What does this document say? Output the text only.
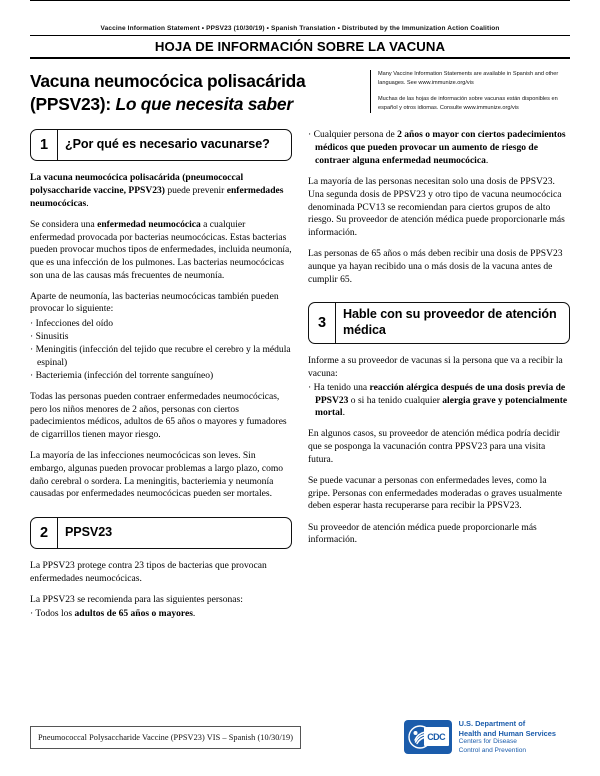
Vaccine Information Statement • PPSV23 (10/30/19) • Spanish Translation • Distributed by the Immunization Action Coalition
HOJA DE INFORMACIÓN SOBRE LA VACUNA
Vacuna neumocócica polisacárida
(PPSV23): Lo que necesita saber

Many Vaccine Information Statements are available in Spanish and other languages. See www.immunize.org/vis

Muchas de las hojas de información sobre vacunas están disponibles en español y otros idiomas. Consulte www.immunize.org/vis

1	¿Por qué es necesario vacunarse?

La vacuna neumocócica polisacárida (pneumococcal polysaccharide vaccine, PPSV23) puede prevenir enfermedades neumocócicas.

Se considera una enfermedad neumocócica a cualquier enfermedad provocada por bacterias neumocócicas. Estas bacterias pueden provocar muchos tipos de enfermedades, incluida neumonía, que es una infección de los pulmones. Las bacterias neumocócicas son una de las causas más frecuentes de neumonía.

Aparte de neumonía, las bacterias neumocócicas también pueden provocar lo siguiente:

· Infecciones del oído
· Sinusitis
· Meningitis (infección del tejido que recubre el cerebro y la médula espinal)
· Bacteriemia (infección del torrente sanguíneo)

Todas las personas pueden contraer enfermedades neumocócicas, pero los niños menores de 2 años, personas con ciertos padecimientos médicos, adultos de 65 años o mayores y fumadores de cigarrillos tienen mayor riesgo.

La mayoría de las infecciones neumocócicas son leves. Sin embargo, algunas pueden provocar problemas a largo plazo, como daño cerebral o sordera. La meningitis, bacteriemia y neumonía causadas por enfermedades neumocócicas pueden ser mortales.

2	PPSV23

La PPSV23 protege contra 23 tipos de bacterias que provocan enfermedades neumocócicas.

La PPSV23 se recomienda para las siguientes personas:

· Todos los adultos de 65 años o mayores.
· Cualquier persona de 2 años o mayor con ciertos padecimientos médicos que pueden provocar un aumento de riesgo de contraer alguna enfermedad neumocócica.

La mayoría de las personas necesitan solo una dosis de PPSV23. Una segunda dosis de PPSV23 y otro tipo de vacuna neumocócica denominada PCV13 se recomiendan para ciertos grupos de alto riesgo. Su proveedor de atención médica puede proporcionarle más información.

Las personas de 65 años o más deben recibir una dosis de PPSV23 aunque ya hayan recibido una o más dosis de la vacuna antes de cumplir 65.

3
Hable con su proveedor de atención médica

Informe a su proveedor de vacunas si la persona que va a recibir la vacuna:

· Ha tenido una reacción alérgica después de una dosis previa de PPSV23 o si ha tenido cualquier alergia grave y potencialmente mortal.

En algunos casos, su proveedor de atención médica podría decidir que se posponga la vacunación contra PPSV23 para una visita futura.

Se puede vacunar a personas con enfermedades leves, como la gripe. Personas con enfermedades moderadas o graves usualmente deben esperar hasta recuperarse para recibir la PPSV23.

Su proveedor de atención médica puede proporcionarle más información.

Pneumococcal Polysaccharide Vaccine (PPSV23) VIS – Spanish (10/30/19)	CDC
U.S. Department of
Health and Human Services
Centers for Disease
Control and Prevention
